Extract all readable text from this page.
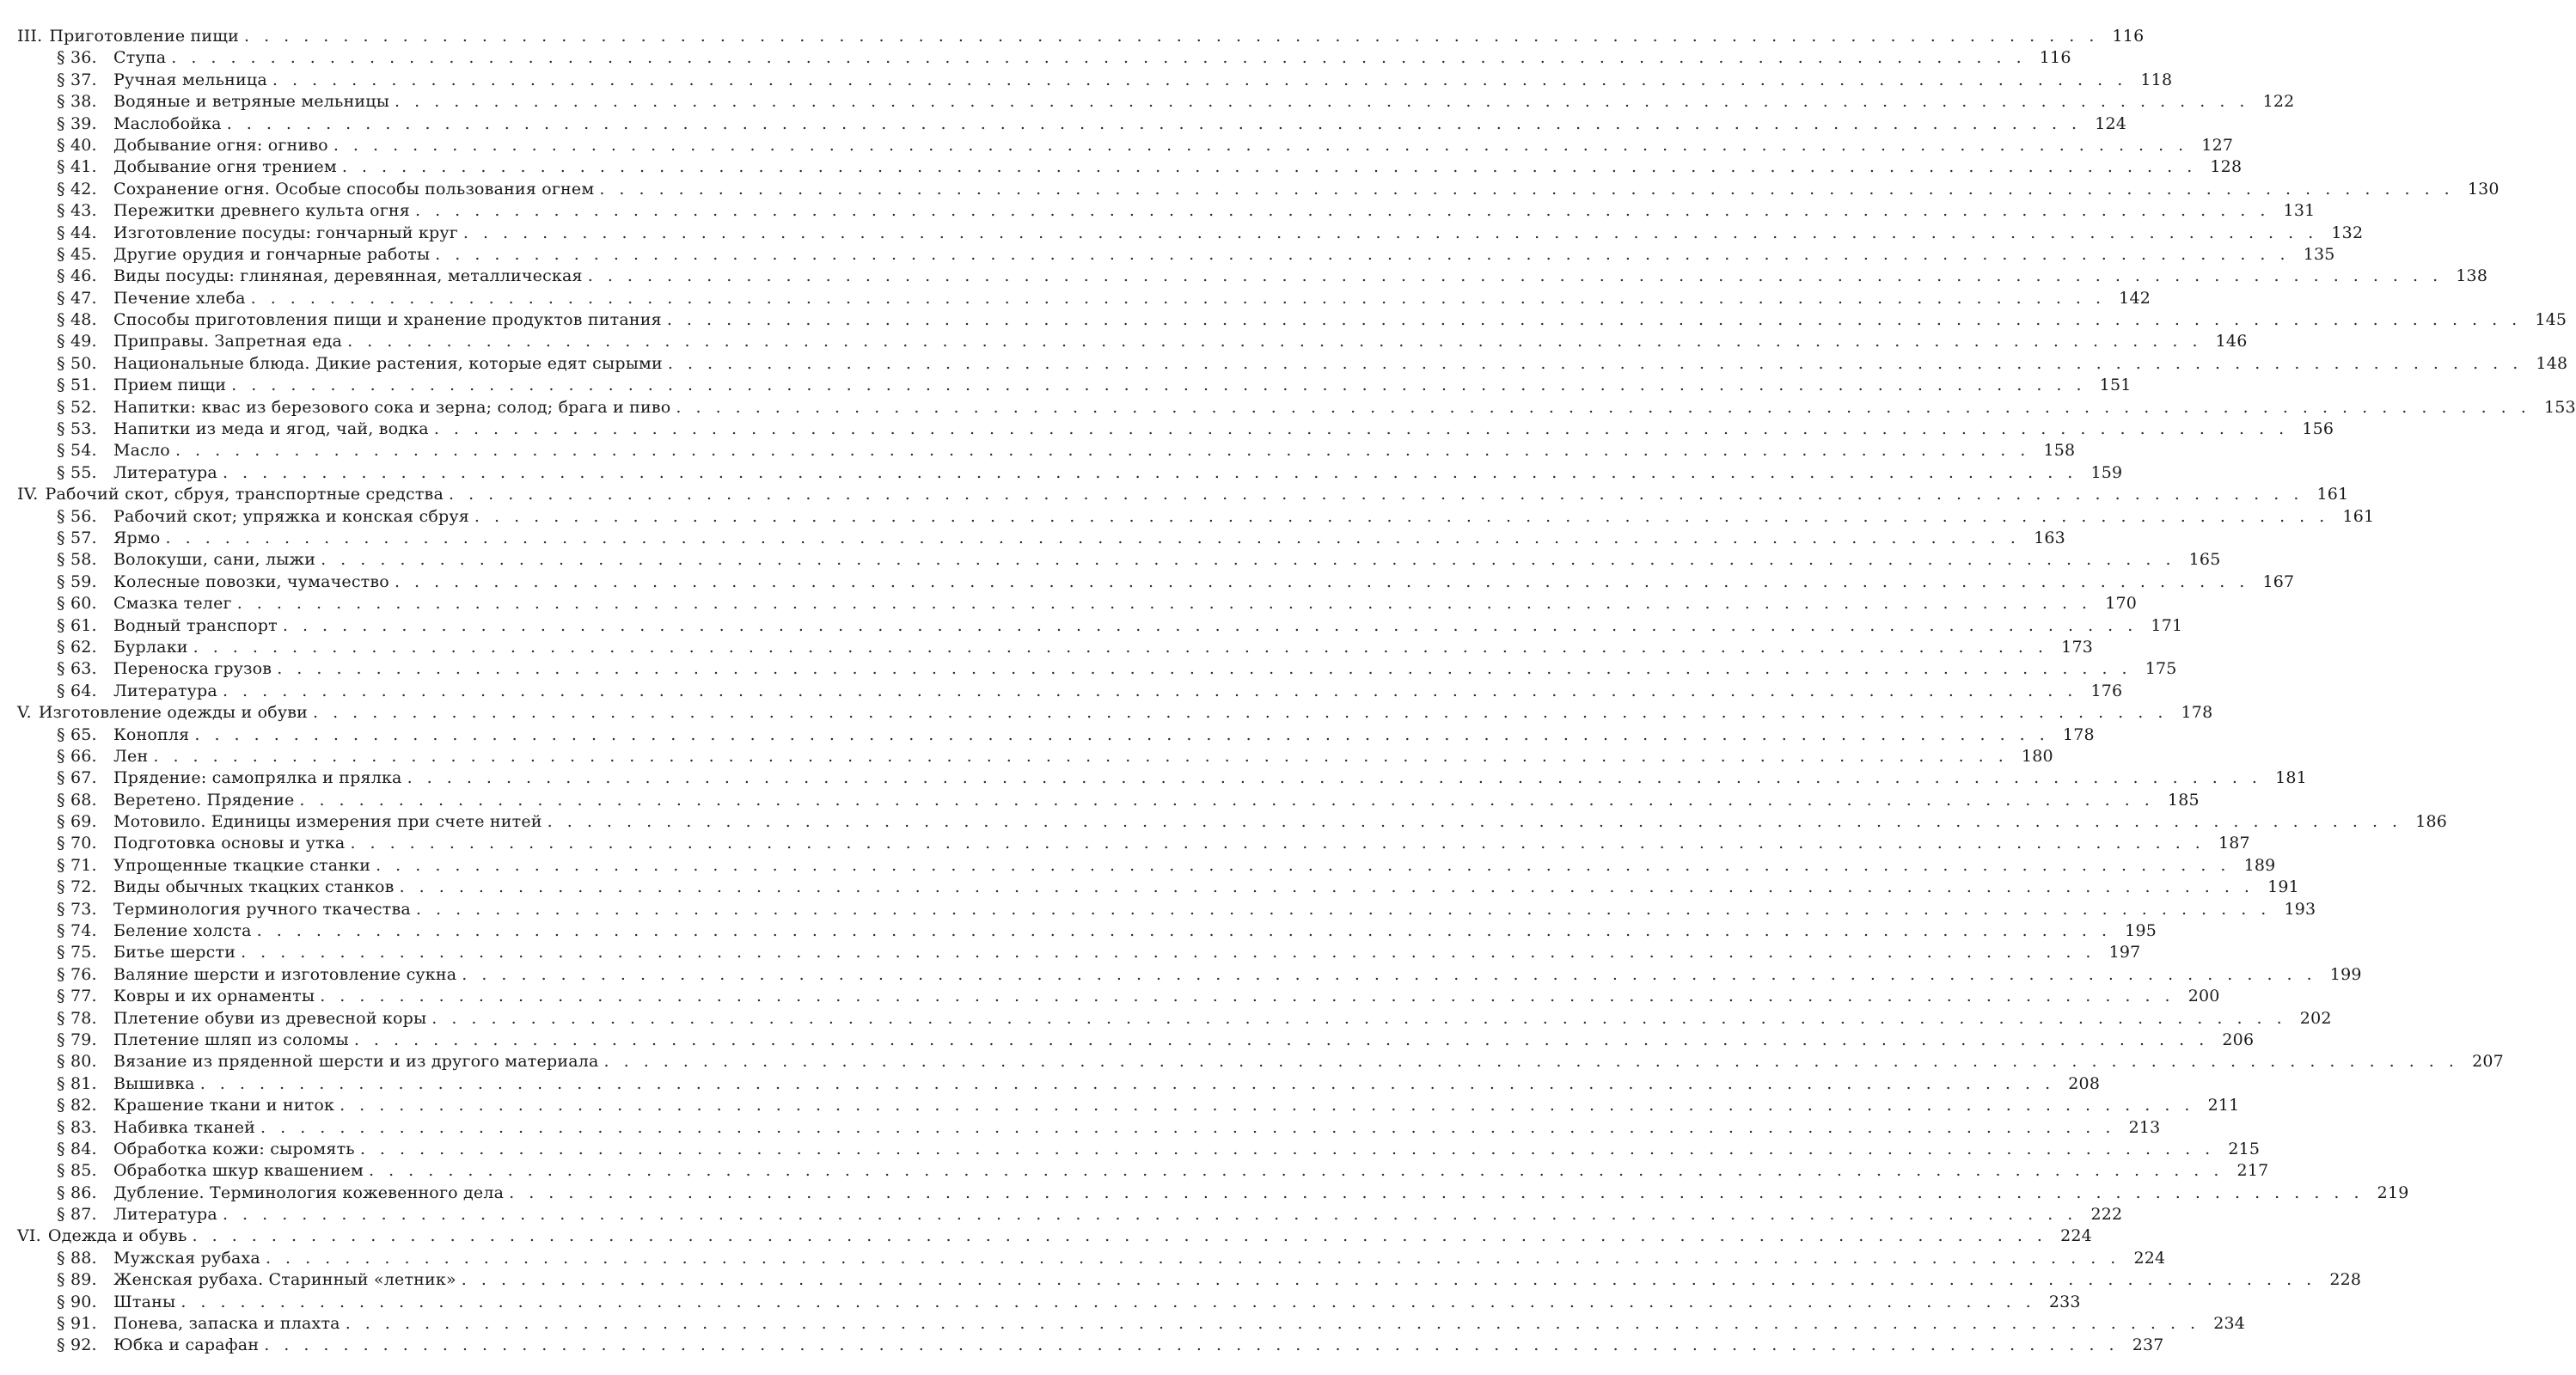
III. Приготовление пищи . . .	116
§ 36.	Ступа . . .	116
§ 37.	Ручная мельница . . .	118
§ 38.	Водяные и ветряные мельницы . . .	122
§ 39.	Маслобойка . . .	124
§ 40.	Добывание огня: огниво . . .	127
§ 41.	Добывание огня трением . . .	128
§ 42.	Сохранение огня. Особые способы пользования огнем . . .	130
§ 43.	Пережитки древнего культа огня . . .	131
§ 44.	Изготовление посуды: гончарный круг . . .	132
§ 45.	Другие орудия и гончарные работы . . .	135
§ 46.	Виды посуды: глиняная, деревянная, металлическая . . .	138
§ 47.	Печение хлеба . . .	142
§ 48.	Способы приготовления пищи и хранение продуктов питания . . .	145
§ 49.	Приправы. Запретная еда . . .	146
§ 50.	Национальные блюда. Дикие растения, которые едят сырыми . . .	148
§ 51.	Прием пищи . . .	151
§ 52.	Напитки: квас из березового сока и зерна; солод; брага и пиво . . .	153
§ 53.	Напитки из меда и ягод, чай, водка . . .	156
§ 54.	Масло . . .	158
§ 55.	Литература . . .	159
IV. Рабочий скот, сбруя, транспортные средства . . .	161
§ 56.	Рабочий скот; упряжка и конская сбруя . . .	161
§ 57.	Ярмо . . .	163
§ 58.	Волокуши, сани, лыжи . . .	165
§ 59.	Колесные повозки, чумачество . . .	167
§ 60.	Смазка телег . . .	170
§ 61.	Водный транспорт . . .	171
§ 62.	Бурлаки . . .	173
§ 63.	Переноска грузов . . .	175
§ 64.	Литература . . .	176
V. Изготовление одежды и обуви . . .	178
§ 65.	Конопля . . .	178
§ 66.	Лен . . .	180
§ 67.	Прядение: самопрялка и прялка . . .	181
§ 68.	Веретено. Прядение . . .	185
§ 69.	Мотовило. Единицы измерения при счете нитей . . .	186
§ 70.	Подготовка основы и утка . . .	187
§ 71.	Упрощенные ткацкие станки . . .	189
§ 72.	Виды обычных ткацких станков . . .	191
§ 73.	Терминология ручного ткачества . . .	193
§ 74.	Беление холста . . .	195
§ 75.	Битье шерсти . . .	197
§ 76.	Валяние шерсти и изготовление сукна . . .	199
§ 77.	Ковры и их орнаменты . . .	200
§ 78.	Плетение обуви из древесной коры . . .	202
§ 79.	Плетение шляп из соломы . . .	206
§ 80.	Вязание из пряденной шерсти и из другого материала . . .	207
§ 81.	Вышивка . . .	208
§ 82.	Крашение ткани и ниток . . .	211
§ 83.	Набивка тканей . . .	213
§ 84.	Обработка кожи: сыромять . . .	215
§ 85.	Обработка шкур квашением . . .	217
§ 86.	Дубление. Терминология кожевенного дела . . .	219
§ 87.	Литература . . .	222
VI. Одежда и обувь . . .	224
§ 88.	Мужская рубаха . . .	224
§ 89.	Женская рубаха. Старинный «летник» . . .	228
§ 90.	Штаны . . .	233
§ 91.	Понева, запаска и плахта . . .	234
§ 92.	Юбка и сарафан . . .	237
